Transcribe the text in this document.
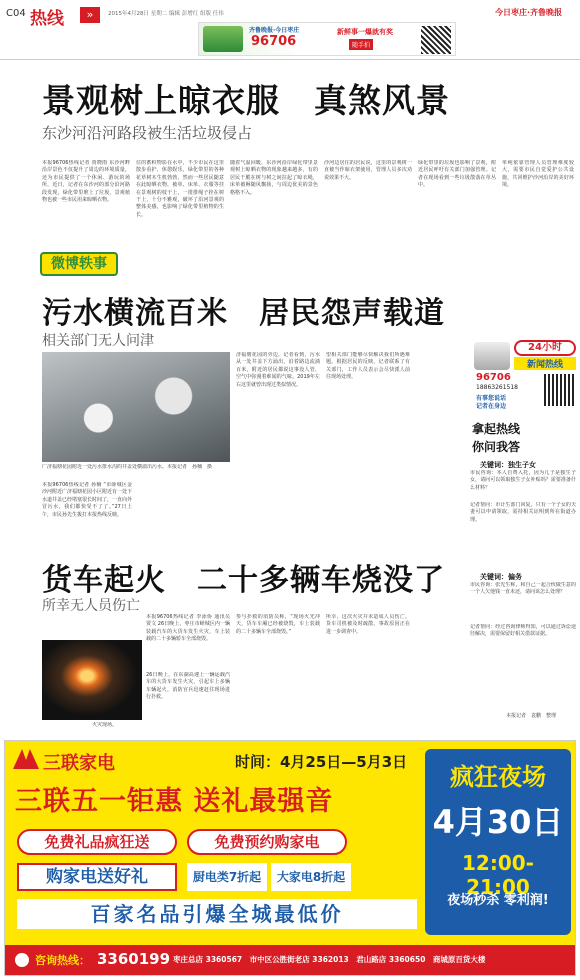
C04 热线	»	2015年4月28日 星期二 编辑 彭增红 组版 任伟	今日枣庄·齐鲁晚报
齐鲁晚报·今日枣庄
96706
新鲜事一爆就有奖
随手拍
景观树上晾衣服　真煞风景
东沙河沿河路段被生活垃圾侵占
本报96706热线记者 贾晓雨 东沙河畔沿岸景色不仅提升了周边的环境质量，还为市民提供了一个休闲、游玩的场所。近日，记者在东沙河的部分沿河路段发现，绿化带里堆上了垃圾，景观植物也被一些市民用来晾晒衣物。
位的蓄积物影在水中，不少市民在这里散步看护，休憩娱乐，绿化带里的各种花草树木生机勃勃，然而一些居民随意在此晾晒衣物，被单、床单、衣服等挂在景观树的枝干上，一排排绳子拴在树干上，十分不雅观，破坏了沿河景观的整体美感，也影响了绿化带里植物的生长。
随着气温回暖，东沙河沿岸绿化带里景观树上晾晒衣物的现象越来越多，有的居民干脆在树与树之间拉起了晾衣绳，床单被褥随风飘扬，与周边优美的景色格格不入。
沙河边居住的居民说，这里的景观树一直被当作晾衣架使用，管理人员多次劝说效果不大。
绿化带里的垃圾也影响了景观，附近居民呼吁有关部门加强管理。记者在现场看到一些垃圾散落在草丛中。
单纯依靠管理人员管理难度较大，需要市民自觉爱护公共设施，共同维护沙河沿岸的美好环境。
微博轶事
污水横流百米　居民怨声载道
相关部门无人问津
广济福塘花园附近一处污水排水沟的井盖处横溢出污水。本报记者　孙楠　摄
本报96706热线记者 孙楠 “市薛城区金沙河附近广济福塘花园小区附近有一处下水道井盖已经堵塞很长时间了，一直向外冒污水，我们都快受不了了。”27日上午，市民孙先生拨打本报热线反映。
济福塘花园的旁边，记者看到，污水从一处井盖下方涌出，沿着路边流淌百米，附近的居民都说这事没人管，空气中弥漫着难闻的气味。2019年左右这里就曾出现过类似情况。
望相关部门能够尽快解决我们所遇难题。根据居民的反映，记者联系了有关部门，工作人员表示会尽快派人前往现场处理。
24小时
新闻热线
96706
18863261518
有事您说话
记者在身边
拿起热线
你问我答
关键词：独生子女
市民咨询：本人自费入托，因为儿子是独生子女，请问可以领取独生子女补贴吗？需要准备什么材料？
记者帮问：市计生部门回复，只有一个子女的夫妻可以申请领取，需持相关证明到所在街道办理。
关键词：偏务
市民咨询：张先生称，和自己一起合伙做生意的一个人欠他钱一直未还，请问该怎么处理？
记者帮问：经过咨询律师得知，可以通过诉讼途径解决，需要保留好相关借款证据。
本报记者　袁鹏　整理
货车起火　二十多辆车烧没了
所幸无人员伤亡
本报96706热线记者 李泳侨 通讯员 贾文 26日晚上，枣庄市峄城区内一辆装载汽车的大货车发生火灾，车上装载的二十多辆轿车全部烧毁。
火灾现场。
26日晚上，在东湖高速上一辆运载汽车的大货车发生火灾，引起车上多辆车辆起火，消防官兵迅速赶往现场进行扑救。
参与扑救的消防员称，“现场火光冲天，货车车厢已经被烧毁，车上装载的二十多辆车全部烧毁。”
所幸，这次火灾并未造成人员伤亡。货车司机被及时疏散，事故原因正在进一步调查中。
三联家电	时间：4月25日—5月3日
三联五一钜惠 送礼最强音
免费礼品疯狂送	免费预约购家电
购家电送好礼	厨电类7折起	大家电8折起
百家名品引爆全城最低价
疯狂夜场
4月30日
12:00-21:00
夜场秒杀 零利润!
咨询热线： 3360199 枣庄总店 3360567　市中区公胜街老店 3362013　君山路店 3360650　商城原百货大楼
